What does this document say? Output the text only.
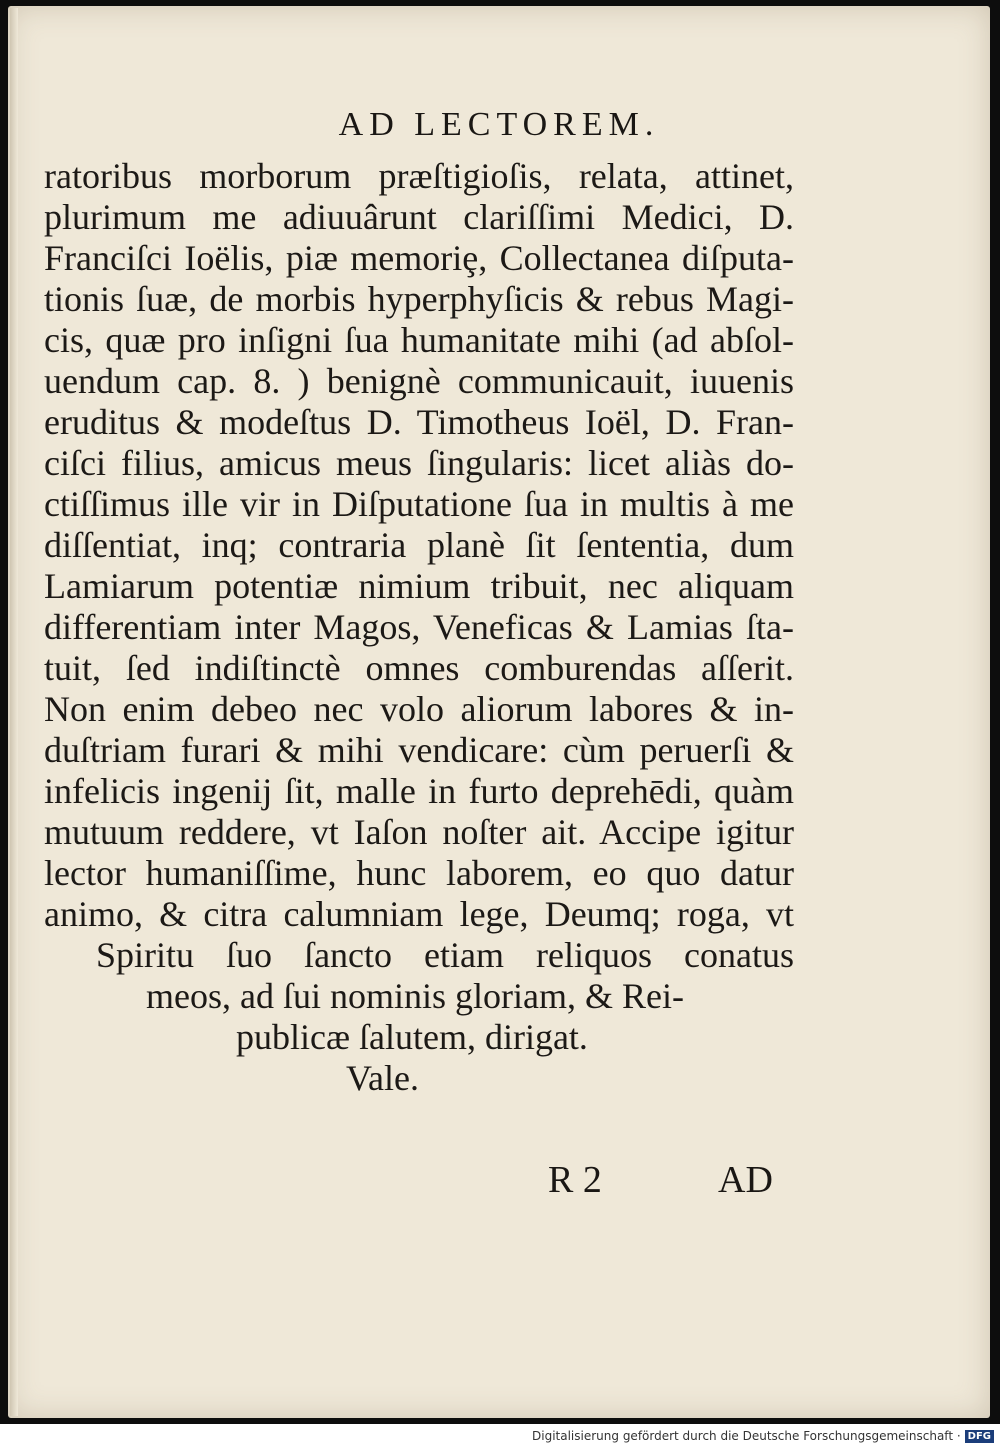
AD LECTOREM.
ratoribus morborum præſtigioſis, relata, attinet,
plurimum me adiuuârunt clariſſimi Medici, D.
Franciſci Ioëlis, piæ memoriȩ, Collectanea diſputa-
tionis ſuæ, de morbis hyperphyſicis & rebus Magi-
cis, quæ pro inſigni ſua humanitate mihi (ad abſol-
uendum cap. 8. ) benignè communicauit, iuuenis
eruditus & modeſtus D. Timotheus Ioël, D. Fran-
ciſci filius, amicus meus ſingularis: licet aliàs do-
ctiſſimus ille vir in Diſputatione ſua in multis à me
diſſentiat, inq; contraria planè ſit ſententia, dum
Lamiarum potentiæ nimium tribuit, nec aliquam
differentiam inter Magos, Veneficas & Lamias ſta-
tuit, ſed indiſtinctè omnes comburendas aſſerit.
Non enim debeo nec volo aliorum labores & in-
duſtriam furari & mihi vendicare: cùm peruerſi &
infelicis ingenij ſit, malle in furto deprehēdi, quàm
mutuum reddere, vt Iaſon noſter ait. Accipe igitur
lector humaniſſime, hunc laborem, eo quo datur
animo, & citra calumniam lege, Deumq; roga, vt
Spiritu ſuo ſancto etiam reliquos conatus
meos, ad ſui nominis gloriam, & Rei-
publicæ ſalutem, dirigat.
Vale.
R 2	AD
Digitalisierung gefördert durch die Deutsche Forschungsgemeinschaft · DFG
